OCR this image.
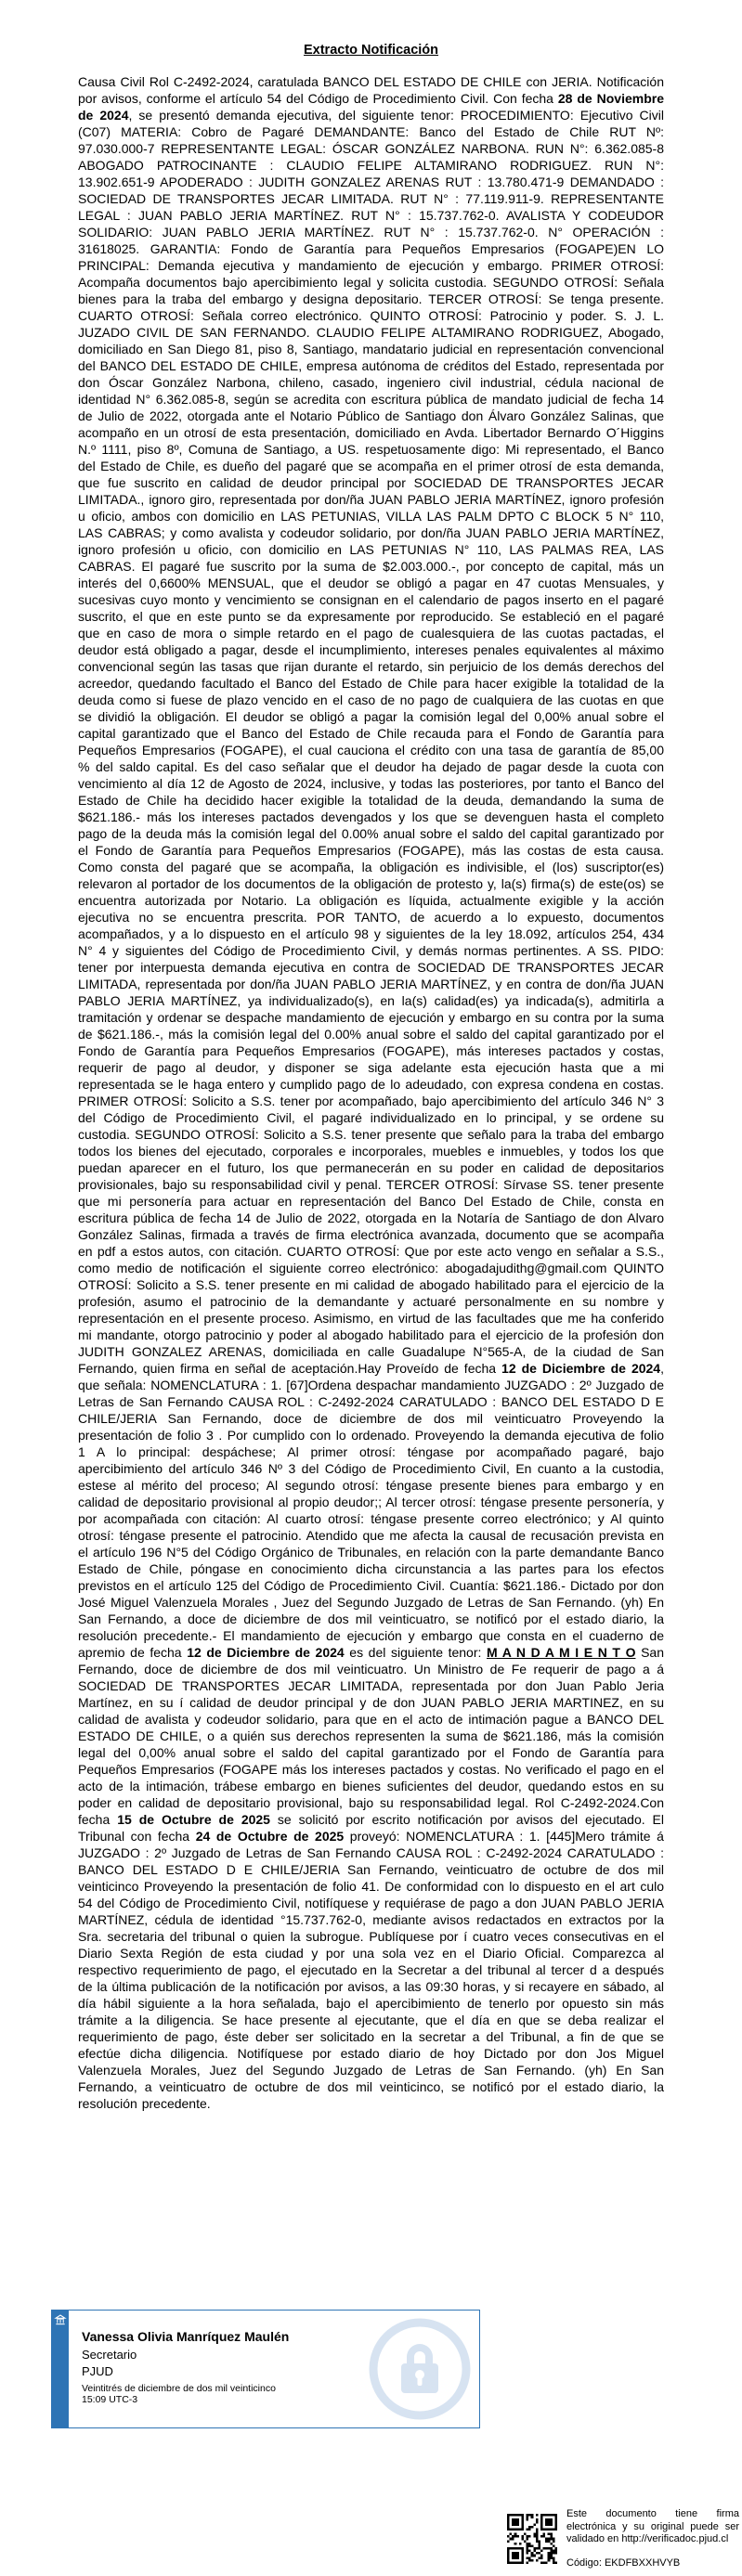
Extracto Notificación
Causa Civil Rol C-2492-2024, caratulada BANCO DEL ESTADO DE CHILE con JERIA. Notificación por avisos, conforme el artículo 54 del Código de Procedimiento Civil. Con fecha 28 de Noviembre de 2024, se presentó demanda ejecutiva, del siguiente tenor: PROCEDIMIENTO: Ejecutivo Civil (C07) MATERIA: Cobro de Pagaré DEMANDANTE: Banco del Estado de Chile RUT Nº: 97.030.000-7 REPRESENTANTE LEGAL: ÓSCAR GONZÁLEZ NARBONA. RUN N°: 6.362.085-8 ABOGADO PATROCINANTE : CLAUDIO FELIPE ALTAMIRANO RODRIGUEZ. RUN N°: 13.902.651-9 APODERADO : JUDITH GONZALEZ ARENAS RUT : 13.780.471-9 DEMANDADO : SOCIEDAD DE TRANSPORTES JECAR LIMITADA. RUT N° : 77.119.911-9. REPRESENTANTE LEGAL : JUAN PABLO JERIA MARTÍNEZ. RUT N° : 15.737.762-0. AVALISTA Y CODEUDOR SOLIDARIO: JUAN PABLO JERIA MARTÍNEZ. RUT N° : 15.737.762-0. N° OPERACIÓN : 31618025. GARANTIA: Fondo de Garantía para Pequeños Empresarios (FOGAPE)EN LO PRINCIPAL: Demanda ejecutiva y mandamiento de ejecución y embargo. PRIMER OTROSÍ: Acompaña documentos bajo apercibimiento legal y solicita custodia. SEGUNDO OTROSÍ: Señala bienes para la traba del embargo y designa depositario. TERCER OTROSÍ: Se tenga presente. CUARTO OTROSÍ: Señala correo electrónico. QUINTO OTROSÍ: Patrocinio y poder. S. J. L. JUZADO CIVIL DE SAN FERNANDO. CLAUDIO FELIPE ALTAMIRANO RODRIGUEZ, Abogado, domiciliado en San Diego 81, piso 8, Santiago, mandatario judicial en representación convencional del BANCO DEL ESTADO DE CHILE, empresa autónoma de créditos del Estado, representada por don Óscar González Narbona, chileno, casado, ingeniero civil industrial, cédula nacional de identidad N° 6.362.085-8, según se acredita con escritura pública de mandato judicial de fecha 14 de Julio de 2022, otorgada ante el Notario Público de Santiago don Álvaro González Salinas, que acompaño en un otrosí de esta presentación, domiciliado en Avda. Libertador Bernardo O´Higgins N.º 1111, piso 8º, Comuna de Santiago, a US. respetuosamente digo: Mi representado, el Banco del Estado de Chile, es dueño del pagaré que se acompaña en el primer otrosí de esta demanda, que fue suscrito en calidad de deudor principal por SOCIEDAD DE TRANSPORTES JECAR LIMITADA., ignoro giro, representada por don/ña JUAN PABLO JERIA MARTÍNEZ, ignoro profesión u oficio, ambos con domicilio en LAS PETUNIAS, VILLA LAS PALM DPTO C BLOCK 5 N° 110, LAS CABRAS; y como avalista y codeudor solidario, por don/ña JUAN PABLO JERIA MARTÍNEZ, ignoro profesión u oficio, con domicilio en LAS PETUNIAS N° 110, LAS PALMAS REA, LAS CABRAS. El pagaré fue suscrito por la suma de $2.003.000.-, por concepto de capital, más un interés del 0,6600% MENSUAL, que el deudor se obligó a pagar en 47 cuotas Mensuales, y sucesivas cuyo monto y vencimiento se consignan en el calendario de pagos inserto en el pagaré suscrito, el que en este punto se da expresamente por reproducido. Se estableció en el pagaré que en caso de mora o simple retardo en el pago de cualesquiera de las cuotas pactadas, el deudor está obligado a pagar, desde el incumplimiento, intereses penales equivalentes al máximo convencional según las tasas que rijan durante el retardo, sin perjuicio de los demás derechos del acreedor, quedando facultado el Banco del Estado de Chile para hacer exigible la totalidad de la deuda como si fuese de plazo vencido en el caso de no pago de cualquiera de las cuotas en que se dividió la obligación. El deudor se obligó a pagar la comisión legal del 0,00% anual sobre el capital garantizado que el Banco del Estado de Chile recauda para el Fondo de Garantía para Pequeños Empresarios (FOGAPE), el cual cauciona el crédito con una tasa de garantía de 85,00 % del saldo capital. Es del caso señalar que el deudor ha dejado de pagar desde la cuota con vencimiento al día 12 de Agosto de 2024, inclusive, y todas las posteriores, por tanto el Banco del Estado de Chile ha decidido hacer exigible la totalidad de la deuda, demandando la suma de $621.186.- más los intereses pactados devengados y los que se devenguen hasta el completo pago de la deuda más la comisión legal del 0.00% anual sobre el saldo del capital garantizado por el Fondo de Garantía para Pequeños Empresarios (FOGAPE), más las costas de esta causa. Como consta del pagaré que se acompaña, la obligación es indivisible, el (los) suscriptor(es) relevaron al portador de los documentos de la obligación de protesto y, la(s) firma(s) de este(os) se encuentra autorizada por Notario. La obligación es líquida, actualmente exigible y la acción ejecutiva no se encuentra prescrita. POR TANTO, de acuerdo a lo expuesto, documentos acompañados, y a lo dispuesto en el artículo 98 y siguientes de la ley 18.092, artículos 254, 434 N° 4 y siguientes del Código de Procedimiento Civil, y demás normas pertinentes. A SS. PIDO: tener por interpuesta demanda ejecutiva en contra de SOCIEDAD DE TRANSPORTES JECAR LIMITADA, representada por don/ña JUAN PABLO JERIA MARTÍNEZ, y en contra de don/ña JUAN PABLO JERIA MARTÍNEZ, ya individualizado(s), en la(s) calidad(es) ya indicada(s), admitirla a tramitación y ordenar se despache mandamiento de ejecución y embargo en su contra por la suma de $621.186.-, más la comisión legal del 0.00% anual sobre el saldo del capital garantizado por el Fondo de Garantía para Pequeños Empresarios (FOGAPE), más intereses pactados y costas, requerir de pago al deudor, y disponer se siga adelante esta ejecución hasta que a mi representada se le haga entero y cumplido pago de lo adeudado, con expresa condena en costas. PRIMER OTROSÍ: Solicito a S.S. tener por acompañado, bajo apercibimiento del artículo 346 N° 3 del Código de Procedimiento Civil, el pagaré individualizado en lo principal, y se ordene su custodia. SEGUNDO OTROSÍ: Solicito a S.S. tener presente que señalo para la traba del embargo todos los bienes del ejecutado, corporales e incorporales, muebles e inmuebles, y todos los que puedan aparecer en el futuro, los que permanecerán en su poder en calidad de depositarios provisionales, bajo su responsabilidad civil y penal. TERCER OTROSÍ: Sírvase SS. tener presente que mi personería para actuar en representación del Banco Del Estado de Chile, consta en escritura pública de fecha 14 de Julio de 2022, otorgada en la Notaría de Santiago de don Alvaro González Salinas, firmada a través de firma electrónica avanzada, documento que se acompaña en pdf a estos autos, con citación. CUARTO OTROSÍ: Que por este acto vengo en señalar a S.S., como medio de notificación el siguiente correo electrónico: abogadajudithg@gmail.com QUINTO OTROSÍ: Solicito a S.S. tener presente en mi calidad de abogado habilitado para el ejercicio de la profesión, asumo el patrocinio de la demandante y actuaré personalmente en su nombre y representación en el presente proceso. Asimismo, en virtud de las facultades que me ha conferido mi mandante, otorgo patrocinio y poder al abogado habilitado para el ejercicio de la profesión don JUDITH GONZALEZ ARENAS, domiciliada en calle Guadalupe N°565-A, de la ciudad de San Fernando, quien firma en señal de aceptación.Hay Proveído de fecha 12 de Diciembre de 2024, que señala: NOMENCLATURA : 1. [67]Ordena despachar mandamiento JUZGADO : 2º Juzgado de Letras de San Fernando CAUSA ROL : C-2492-2024 CARATULADO : BANCO DEL ESTADO D E CHILE/JERIA San Fernando, doce de diciembre de dos mil veinticuatro Proveyendo la presentación de folio 3 . Por cumplido con lo ordenado. Proveyendo la demanda ejecutiva de folio 1 A lo principal: despáchese; Al primer otrosí: téngase por acompañado pagaré, bajo apercibimiento del artículo 346 Nº 3 del Código de Procedimiento Civil, En cuanto a la custodia, estese al mérito del proceso; Al segundo otrosí: téngase presente bienes para embargo y en calidad de depositario provisional al propio deudor;; Al tercer otrosí: téngase presente personería, y por acompañada con citación: Al cuarto otrosí: téngase presente correo electrónico; y Al quinto otrosí: téngase presente el patrocinio. Atendido que me afecta la causal de recusación prevista en el artículo 196 N°5 del Código Orgánico de Tribunales, en relación con la parte demandante Banco Estado de Chile, póngase en conocimiento dicha circunstancia a las partes para los efectos previstos en el artículo 125 del Código de Procedimiento Civil. Cuantía: $621.186.- Dictado por don José Miguel Valenzuela Morales , Juez del Segundo Juzgado de Letras de San Fernando. (yh) En San Fernando, a doce de diciembre de dos mil veinticuatro, se notificó por el estado diario, la resolución precedente.- El mandamiento de ejecución y embargo que consta en el cuaderno de apremio de fecha 12 de Diciembre de 2024 es del siguiente tenor: M A N D A M I E N T O San Fernando, doce de diciembre de dos mil veinticuatro. Un Ministro de Fe requerir de pago a á SOCIEDAD DE TRANSPORTES JECAR LIMITADA, representada por don Juan Pablo Jeria Martínez, en su í calidad de deudor principal y de don JUAN PABLO JERIA MARTINEZ, en su calidad de avalista y codeudor solidario, para que en el acto de intimación pague a BANCO DEL ESTADO DE CHILE, o a quién sus derechos representen la suma de $621.186, más la comisión legal del 0,00% anual sobre el saldo del capital garantizado por el Fondo de Garantía para Pequeños Empresarios (FOGAPE más los intereses pactados y costas. No verificado el pago en el acto de la intimación, trábese embargo en bienes suficientes del deudor, quedando estos en su poder en calidad de depositario provisional, bajo su responsabilidad legal. Rol C-2492-2024.Con fecha 15 de Octubre de 2025 se solicitó por escrito notificación por avisos del ejecutado. El Tribunal con fecha 24 de Octubre de 2025 proveyó: NOMENCLATURA : 1. [445]Mero trámite á JUZGADO : 2º Juzgado de Letras de San Fernando CAUSA ROL : C-2492-2024 CARATULADO : BANCO DEL ESTADO D E CHILE/JERIA San Fernando, veinticuatro de octubre de dos mil veinticinco Proveyendo la presentación de folio 41. De conformidad con lo dispuesto en el art culo 54 del Código de Procedimiento Civil, notifíquese y requiérase de pago a don JUAN PABLO JERIA MARTÍNEZ, cédula de identidad °15.737.762-0, mediante avisos redactados en extractos por la Sra. secretaria del tribunal o quien la subrogue. Publíquese por í cuatro veces consecutivas en el Diario Sexta Región de esta ciudad y por una sola vez en el Diario Oficial. Comparezca al respectivo requerimiento de pago, el ejecutado en la Secretar a del tribunal al tercer d a después de la última publicación de la notificación por avisos, a las 09:30 horas, y si recayere en sábado, al día hábil siguiente a la hora señalada, bajo el apercibimiento de tenerlo por opuesto sin más trámite a la diligencia. Se hace presente al ejecutante, que el día en que se deba realizar el requerimiento de pago, éste deber ser solicitado en la secretar a del Tribunal, a fin de que se efectúe dicha diligencia. Notifíquese por estado diario de hoy Dictado por don Jos Miguel Valenzuela Morales, Juez del Segundo Juzgado de Letras de San Fernando. (yh) En San Fernando, a veinticuatro de octubre de dos mil veinticinco, se notificó por el estado diario, la resolución precedente.
Vanessa Olivia Manríquez Maulén
Secretario
PJUD
Veintitrés de diciembre de dos mil veinticinco
15:09 UTC-3
Este documento tiene firma electrónica y su original puede ser validado en http://verificadoc.pjud.cl
Código: EKDFBXXHVYB
